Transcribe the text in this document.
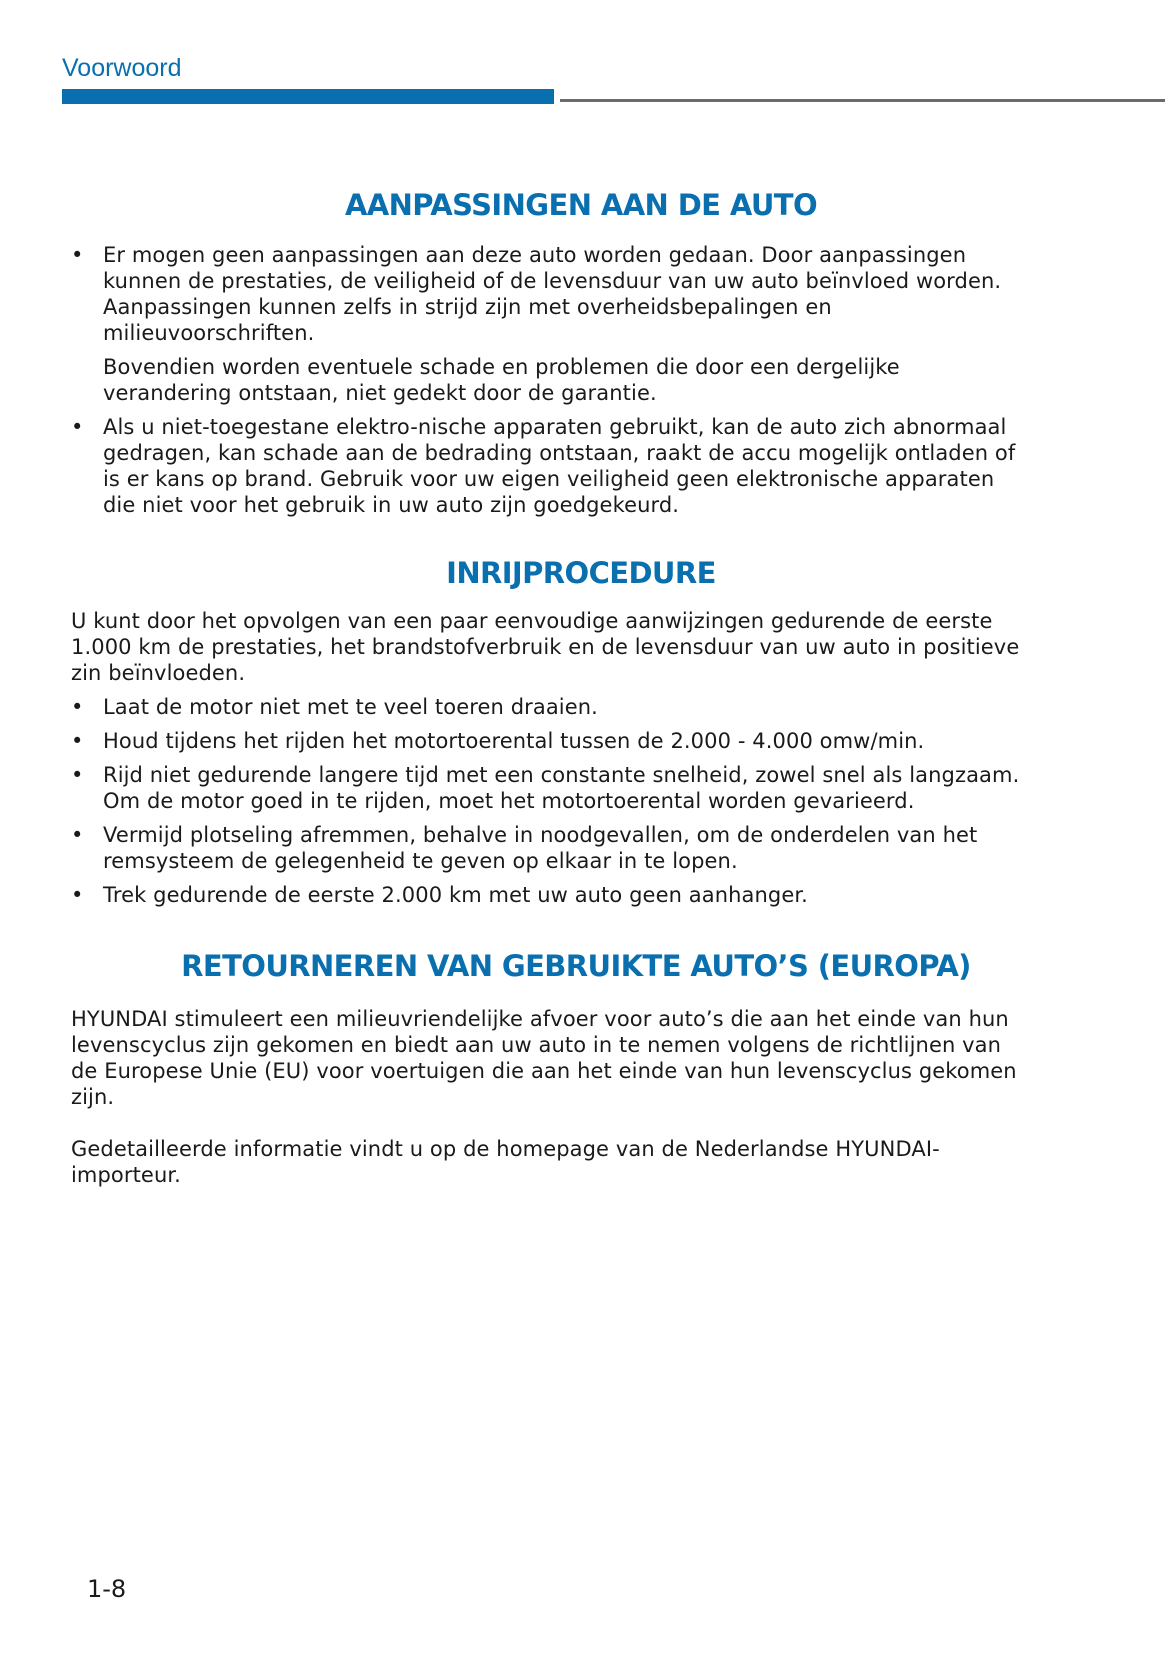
Voorwoord
AANPASSINGEN AAN DE AUTO
• Er mogen geen aanpassingen aan deze auto worden gedaan. Door aanpassingen kunnen de prestaties, de veiligheid of de levensduur van uw auto beïnvloed worden. Aanpassingen kunnen zelfs in strijd zijn met overheidsbepalingen en milieuvoorschriften.

Bovendien worden eventuele schade en problemen die door een dergelijke verandering ontstaan, niet gedekt door de garantie.

• Als u niet-toegestane elektro-nische apparaten gebruikt, kan de auto zich abnormaal gedragen, kan schade aan de bedrading ontstaan, raakt de accu mogelijk ontladen of is er kans op brand. Gebruik voor uw eigen veiligheid geen elektronische apparaten die niet voor het gebruik in uw auto zijn goedgekeurd.
INRIJPROCEDURE

U kunt door het opvolgen van een paar eenvoudige aanwijzingen gedurende de eerste 1.000 km de prestaties, het brandstofverbruik en de levensduur van uw auto in positieve zin beïnvloeden.

• Laat de motor niet met te veel toeren draaien.
• Houd tijdens het rijden het motortoerental tussen de 2.000 - 4.000 omw/min.
• Rijd niet gedurende langere tijd met een constante snelheid, zowel snel als langzaam. Om de motor goed in te rijden, moet het motortoerental worden gevarieerd.
• Vermijd plotseling afremmen, behalve in noodgevallen, om de onderdelen van het remsysteem de gelegenheid te geven op elkaar in te lopen.
• Trek gedurende de eerste 2.000 km met uw auto geen aanhanger.
RETOURNEREN VAN GEBRUIKTE AUTO’S (EUROPA)

HYUNDAI stimuleert een milieuvriendelijke afvoer voor auto’s die aan het einde van hun levenscyclus zijn gekomen en biedt aan uw auto in te nemen volgens de richtlijnen van de Europese Unie (EU) voor voertuigen die aan het einde van hun levenscyclus gekomen zijn.

Gedetailleerde informatie vindt u op de homepage van de Nederlandse HYUNDAI-importeur.

1-8
